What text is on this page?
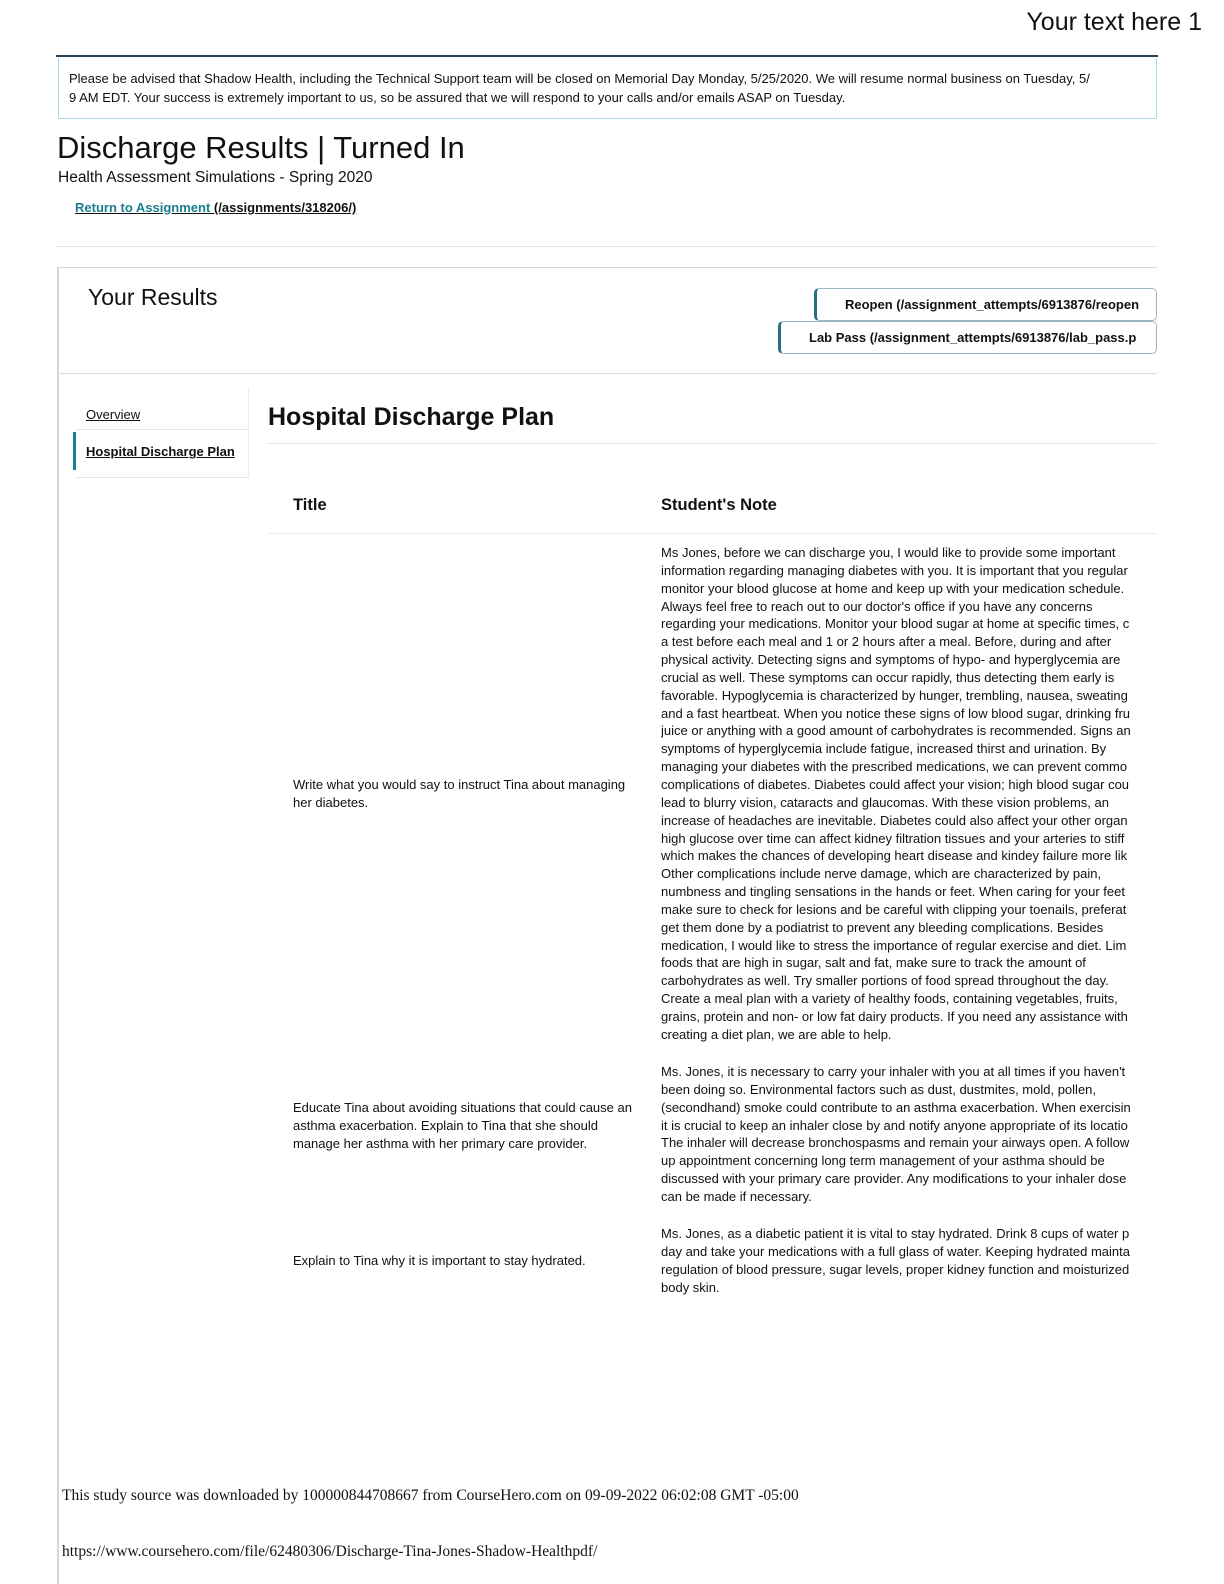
Your text here 1

Please be advised that Shadow Health, including the Technical Support team will be closed on Memorial Day Monday, 5/25/2020. We will resume normal business on Tuesday, 5/

9 AM EDT. Your success is extremely important to us, so be assured that we will respond to your calls and/or emails ASAP on Tuesday.

Discharge Results | Turned In
Health Assessment Simulations - Spring 2020
Return to Assignment (/assignments/318206/)
Your Results	Reopen (/assignment_attempts/6913876/reopen
Lab Pass (/assignment_attempts/6913876/lab_pass.p
Overview
Hospital Discharge Plan
Hospital Discharge Plan
Title	Student's Note
Write what you would say to instruct Tina about managing her diabetes.
Ms Jones, before we can discharge you, I would like to provide some important
information regarding managing diabetes with you. It is important that you regular
monitor your blood glucose at home and keep up with your medication schedule.
Always feel free to reach out to our doctor's office if you have any concerns
regarding your medications. Monitor your blood sugar at home at specific times, c
a test before each meal and 1 or 2 hours after a meal. Before, during and after
physical activity. Detecting signs and symptoms of hypo- and hyperglycemia are
crucial as well. These symptoms can occur rapidly, thus detecting them early is
favorable. Hypoglycemia is characterized by hunger, trembling, nausea, sweating
and a fast heartbeat. When you notice these signs of low blood sugar, drinking fru
juice or anything with a good amount of carbohydrates is recommended. Signs an
symptoms of hyperglycemia include fatigue, increased thirst and urination. By
managing your diabetes with the prescribed medications, we can prevent commo
complications of diabetes. Diabetes could affect your vision; high blood sugar cou
lead to blurry vision, cataracts and glaucomas. With these vision problems, an
increase of headaches are inevitable. Diabetes could also affect your other organ
high glucose over time can affect kidney filtration tissues and your arteries to stiff
which makes the chances of developing heart disease and kindey failure more lik
Other complications include nerve damage, which are characterized by pain,
numbness and tingling sensations in the hands or feet. When caring for your feet
make sure to check for lesions and be careful with clipping your toenails, preferat
get them done by a podiatrist to prevent any bleeding complications. Besides
medication, I would like to stress the importance of regular exercise and diet. Lim
foods that are high in sugar, salt and fat, make sure to track the amount of
carbohydrates as well. Try smaller portions of food spread throughout the day.
Create a meal plan with a variety of healthy foods, containing vegetables, fruits,
grains, protein and non- or low fat dairy products. If you need any assistance with
creating a diet plan, we are able to help.
Educate Tina about avoiding situations that could cause an asthma exacerbation. Explain to Tina that she should manage her asthma with her primary care provider.
Ms. Jones, it is necessary to carry your inhaler with you at all times if you haven't
been doing so. Environmental factors such as dust, dustmites, mold, pollen,
(secondhand) smoke could contribute to an asthma exacerbation. When exercisin
it is crucial to keep an inhaler close by and notify anyone appropriate of its locatio
The inhaler will decrease bronchospasms and remain your airways open. A follow
up appointment concerning long term management of your asthma should be
discussed with your primary care provider. Any modifications to your inhaler dose
can be made if necessary.
Explain to Tina why it is important to stay hydrated.
Ms. Jones, as a diabetic patient it is vital to stay hydrated. Drink 8 cups of water p
day and take your medications with a full glass of water. Keeping hydrated mainta
regulation of blood pressure, sugar levels, proper kidney function and moisturized
body skin.
This study source was downloaded by 100000844708667 from CourseHero.com on 09-09-2022 06:02:08 GMT -05:00
https://www.coursehero.com/file/62480306/Discharge-Tina-Jones-Shadow-Healthpdf/
